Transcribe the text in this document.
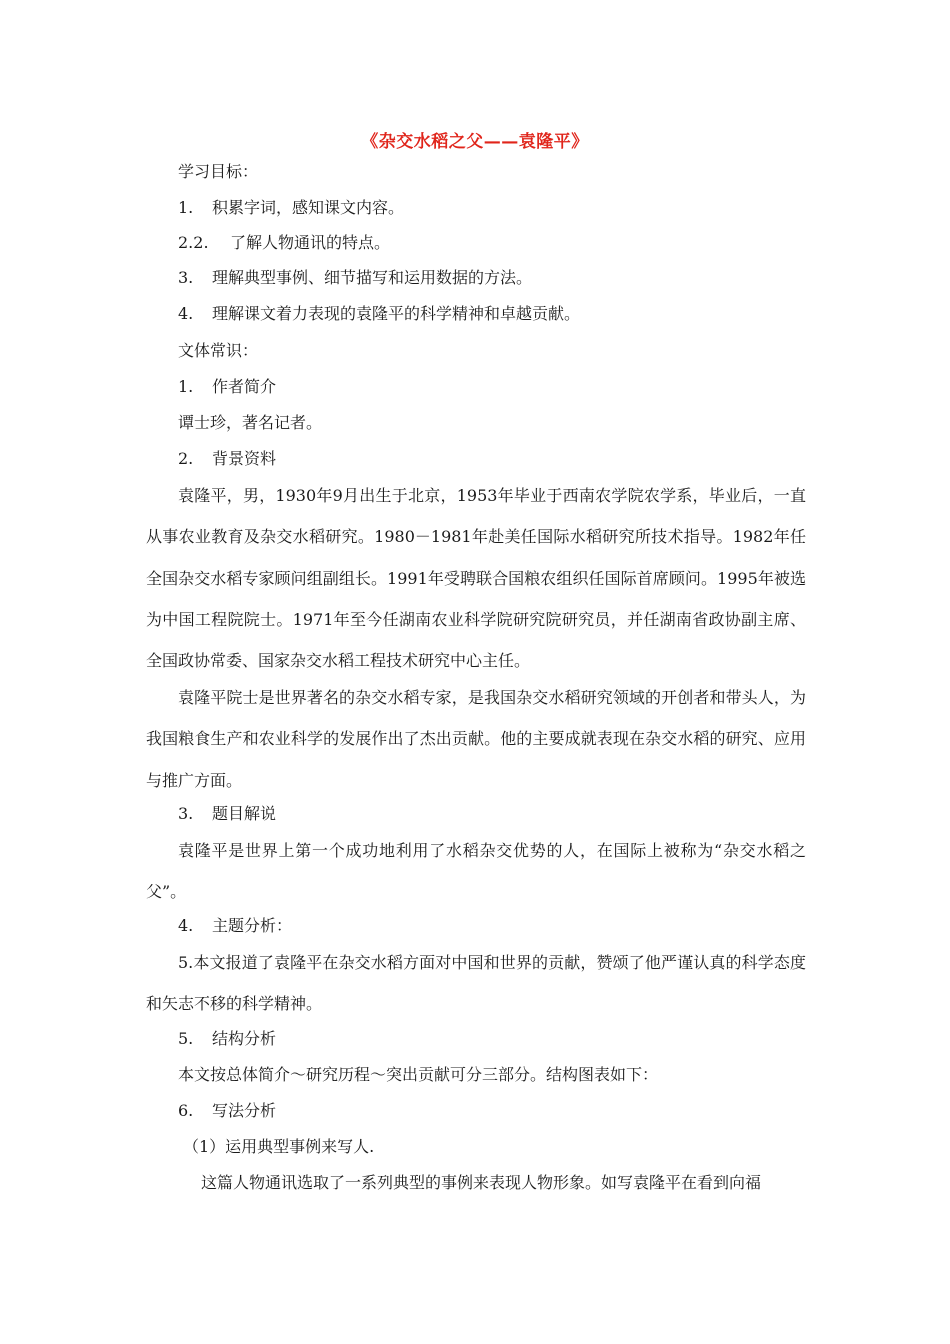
《杂交水稻之父——袁隆平》
学习目标：
1. 积累字词，感知课文内容。
2.2. 了解人物通讯的特点。
3. 理解典型事例、细节描写和运用数据的方法。
4. 理解课文着力表现的袁隆平的科学精神和卓越贡献。
文体常识：
1. 作者简介
谭士珍，著名记者。
2. 背景资料
袁隆平，男，1930年9月出生于北京，1953年毕业于西南农学院农学系，毕业后，一直从事农业教育及杂交水稻研究。1980－1981年赴美任国际水稻研究所技术指导。1982年任全国杂交水稻专家顾问组副组长。1991年受聘联合国粮农组织任国际首席顾问。1995年被选为中国工程院院士。1971年至今任湖南农业科学院研究院研究员，并任湖南省政协副主席、全国政协常委、国家杂交水稻工程技术研究中心主任。
袁隆平院士是世界著名的杂交水稻专家，是我国杂交水稻研究领域的开创者和带头人，为我国粮食生产和农业科学的发展作出了杰出贡献。他的主要成就表现在杂交水稻的研究、应用与推广方面。
3. 题目解说
袁隆平是世界上第一个成功地利用了水稻杂交优势的人，在国际上被称为“杂交水稻之父”。
4. 主题分析：
5.本文报道了袁隆平在杂交水稻方面对中国和世界的贡献，赞颂了他严谨认真的科学态度和矢志不移的科学精神。
5. 结构分析
本文按总体简介～研究历程～突出贡献可分三部分。结构图表如下：
6. 写法分析
（1）运用典型事例来写人.
这篇人物通讯选取了一系列典型的事例来表现人物形象。如写袁隆平在看到向福
